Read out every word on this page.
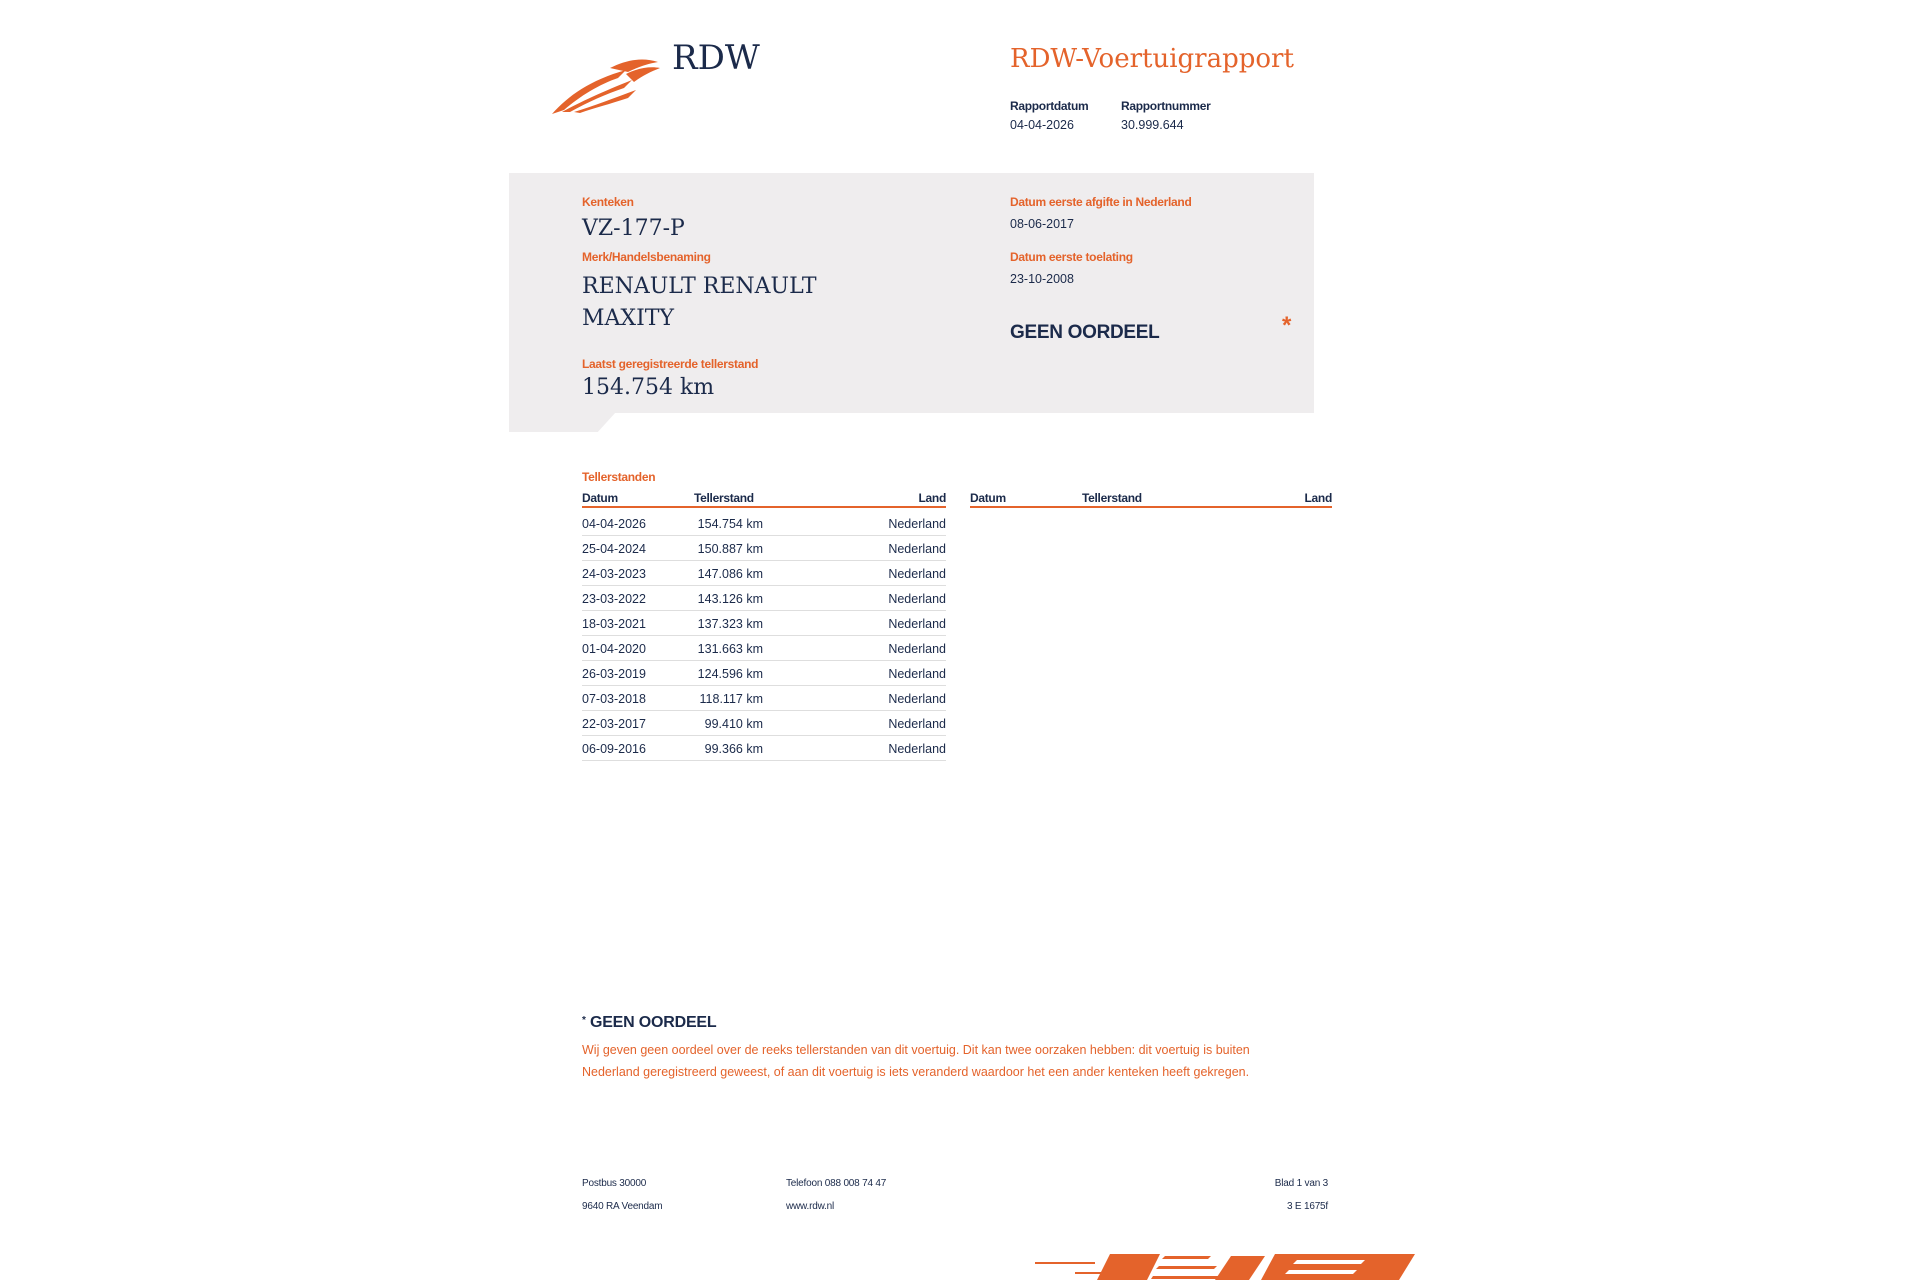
RDW	RDW-Voertuigrapport
Rapportdatum
04-04-2026
Rapportnummer
30.999.644
Kenteken
VZ-177-P
Merk/Handelsbenaming
RENAULT RENAULT MAXITY
Laatst geregistreerde tellerstand
154.754 km
Datum eerste afgifte in Nederland
08-06-2017
Datum eerste toelating
23-10-2008
GEEN OORDEEL	*
Tellerstanden
Datum	Tellerstand	Land Datum	Tellerstand	Land
04-04-2026	154.754 km	Nederland
25-04-2024	150.887 km	Nederland
24-03-2023	147.086 km	Nederland
23-03-2022	143.126 km	Nederland
18-03-2021	137.323 km	Nederland
01-04-2020	131.663 km	Nederland
26-03-2019	124.596 km	Nederland
07-03-2018	118.117 km	Nederland
22-03-2017	99.410 km	Nederland
06-09-2016	99.366 km	Nederland
* GEEN OORDEEL
Wij geven geen oordeel over de reeks tellerstanden van dit voertuig. Dit kan twee oorzaken hebben: dit voertuig is buiten Nederland geregistreerd geweest, of aan dit voertuig is iets veranderd waardoor het een ander kenteken heeft gekregen.
Postbus 30000
9640 RA Veendam
Telefoon 088 008 74 47
www.rdw.nl
Blad 1 van 3
3 E 1675f
